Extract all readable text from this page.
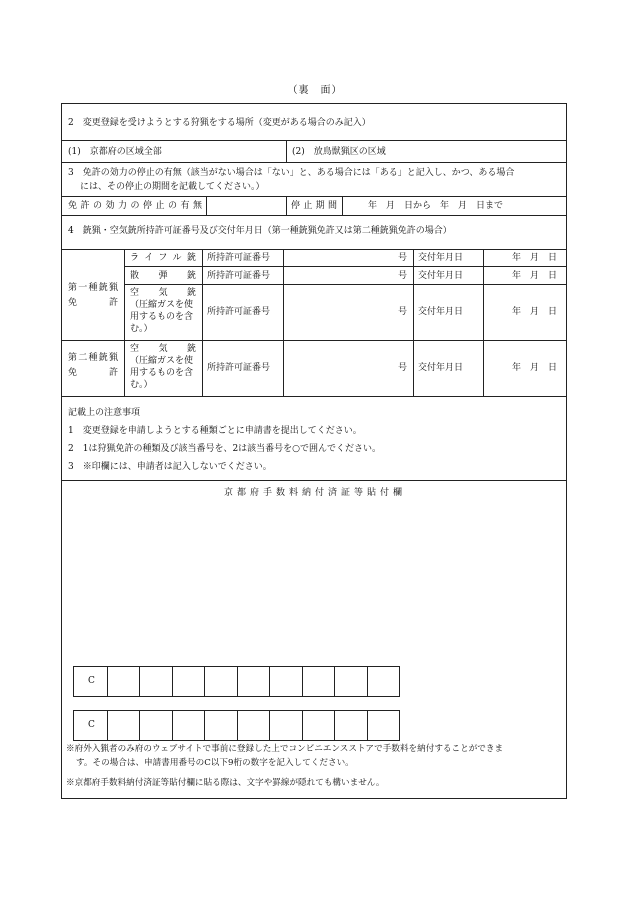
（裏　面）
2　変更登録を受けようとする狩猟をする場所（変更がある場合のみ記入）
(1)　京都府の区域全部	(2)　放鳥獣猟区の区域
3　免許の効力の停止の有無（該当がない場合は「ない」と、ある場合には「ある」と記入し、かつ、ある場合
には、その停止の期間を記載してください。）
免許の効力の停止の有無	停止期間	年　月　日から　年　月　日まで
4　銃猟・空気銃所持許可証番号及び交付年月日（第一種銃猟免許又は第二種銃猟免許の場合）
第一種銃猟免許
ライフル銃 所持許可証番号	号 交付年月日	年　月　日
散弾銃 所持許可証番号	号 交付年月日	年　月　日
空気銃
（圧縮ガスを使用するものを含む。）
所持許可証番号	号 交付年月日	年　月　日
第二種銃猟免許
空気銃
（圧縮ガスを使用するものを含む。）
所持許可証番号	号 交付年月日	年　月　日
記載上の注意事項
1　変更登録を申請しようとする種類ごとに申請書を提出してください。
2　1は狩猟免許の種類及び該当番号を、2は該当番号を○で囲んでください。
3　※印欄には、申請者は記入しないでください。
京都府手数料納付済証等貼付欄
C
C
※府外入猟者のみ府のウェブサイトで事前に登録した上でコンビニエンスストアで手数料を納付することができま
す。その場合は、申請書用番号のC以下9桁の数字を記入してください。
※京都府手数料納付済証等貼付欄に貼る際は、文字や罫線が隠れても構いません。
